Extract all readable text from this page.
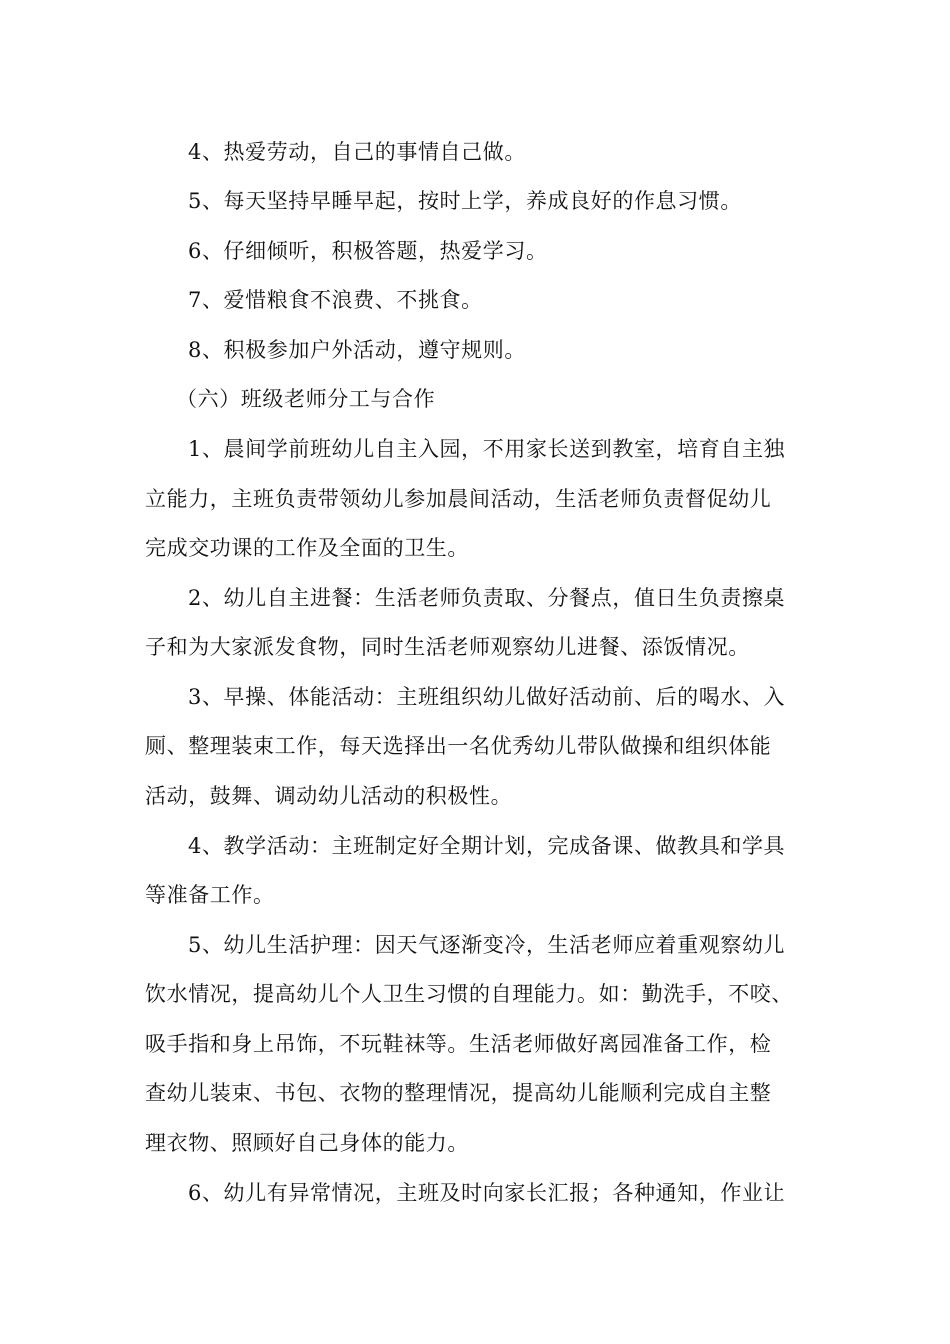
4、热爱劳动，自己的事情自己做。
5、每天坚持早睡早起，按时上学，养成良好的作息习惯。
6、仔细倾听，积极答题，热爱学习。
7、爱惜粮食不浪费、不挑食。
8、积极参加户外活动，遵守规则。
（六）班级老师分工与合作
1、晨间学前班幼儿自主入园，不用家长送到教室，培育自主独
立能力，主班负责带领幼儿参加晨间活动，生活老师负责督促幼儿
完成交功课的工作及全面的卫生。
2、幼儿自主进餐：生活老师负责取、分餐点，值日生负责擦桌
子和为大家派发食物，同时生活老师观察幼儿进餐、添饭情况。
3、早操、体能活动：主班组织幼儿做好活动前、后的喝水、入
厕、整理装束工作，每天选择出一名优秀幼儿带队做操和组织体能
活动，鼓舞、调动幼儿活动的积极性。
4、教学活动：主班制定好全期计划，完成备课、做教具和学具
等准备工作。
5、幼儿生活护理：因天气逐渐变冷，生活老师应着重观察幼儿
饮水情况，提高幼儿个人卫生习惯的自理能力。如：勤洗手，不咬、
吸手指和身上吊饰，不玩鞋袜等。生活老师做好离园准备工作，检
查幼儿装束、书包、衣物的整理情况，提高幼儿能顺利完成自主整
理衣物、照顾好自己身体的能力。
6、幼儿有异常情况，主班及时向家长汇报；各种通知，作业让
